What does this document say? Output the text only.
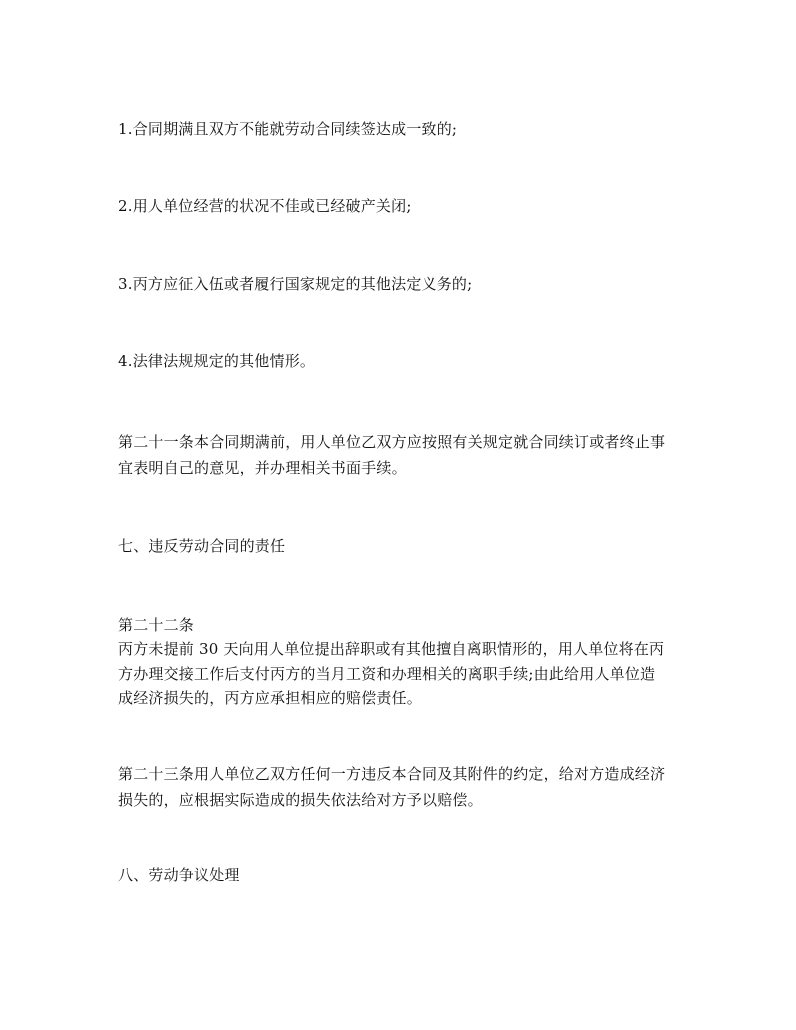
1.合同期满且双方不能就劳动合同续签达成一致的;
2.用人单位经营的状况不佳或已经破产关闭;
3.丙方应征入伍或者履行国家规定的其他法定义务的;
4.法律法规规定的其他情形。
第二十一条本合同期满前，用人单位乙双方应按照有关规定就合同续订或者终止事
宜表明自己的意见，并办理相关书面手续。
七、违反劳动合同的责任
第二十二条
丙方未提前 30 天向用人单位提出辞职或有其他擅自离职情形的，用人单位将在丙
方办理交接工作后支付丙方的当月工资和办理相关的离职手续;由此给用人单位造
成经济损失的，丙方应承担相应的赔偿责任。
第二十三条用人单位乙双方任何一方违反本合同及其附件的约定，给对方造成经济
损失的，应根据实际造成的损失依法给对方予以赔偿。
八、劳动争议处理
